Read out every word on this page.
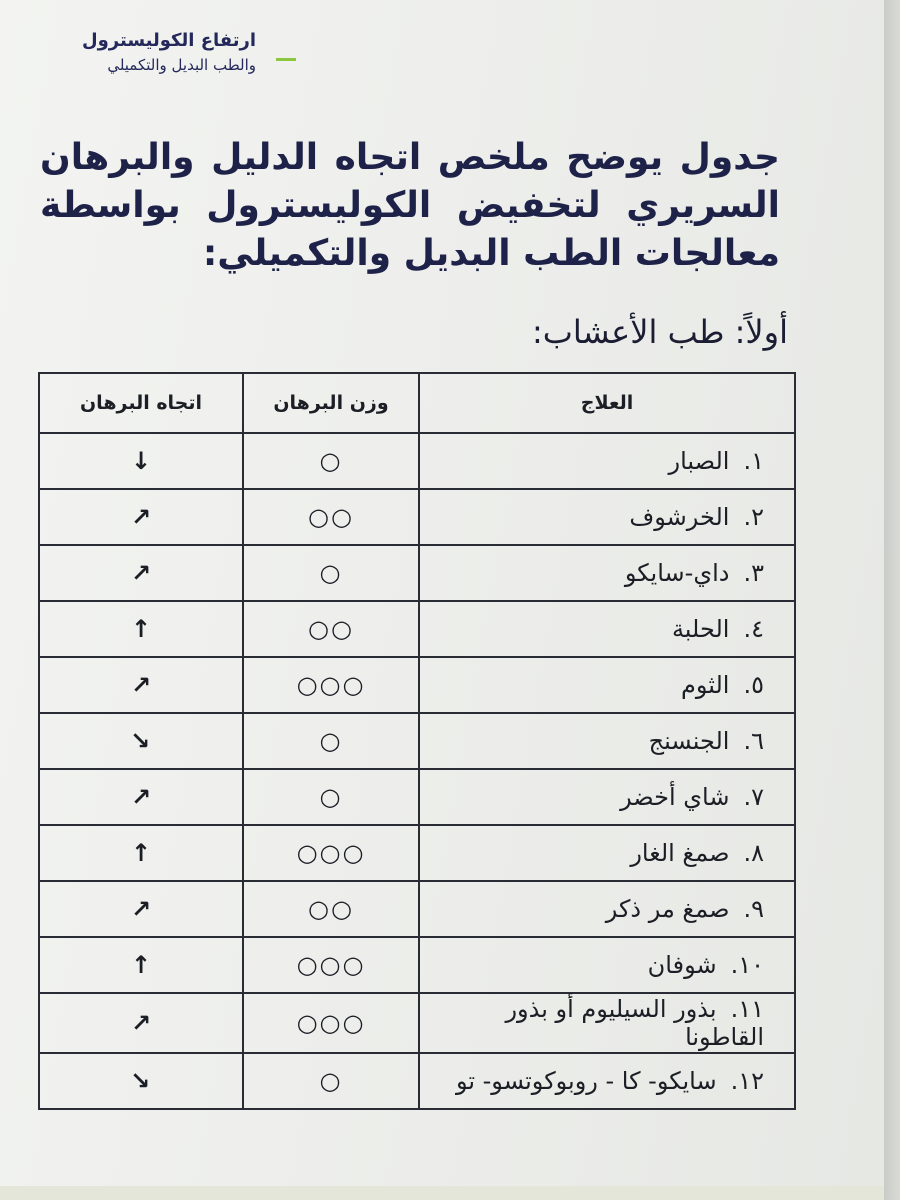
ارتفاع الكوليسترول
والطب البديل والتكميلي
جدول يوضح ملخص اتجاه الدليل والبرهان السريري لتخفيض الكوليسترول بواسطة معالجات الطب البديل والتكميلي:
أولاً: طب الأعشاب:
العلاج	وزن البرهان	اتجاه البرهان
١.الصبار	○	↓
٢.الخرشوف	○○	↑
٣.داي-سايكو	○	↑
٤.الحلبة	○○	↑
٥.الثوم	○○○	↑
٦.الجنسنج	○	↓
٧.شاي أخضر	○	↑
٨.صمغ الغار	○○○	↑
٩.صمغ مر ذكر	○○	↑
١٠.شوفان	○○○	↑
١١.بذور السيليوم أو بذور القاطونا	○○○	↑
١٢.سايكو- كا - روبوكوتسو- تو	○	↓
